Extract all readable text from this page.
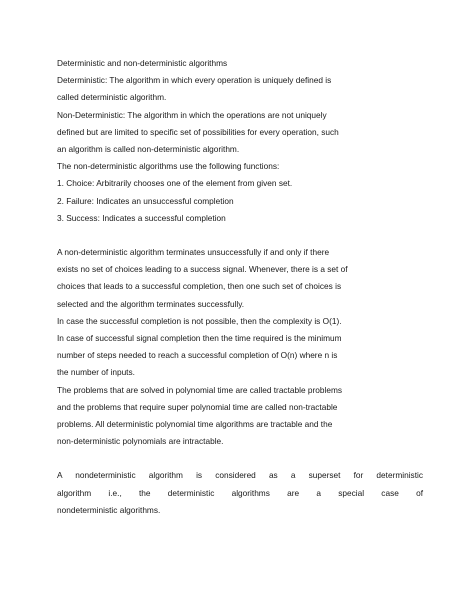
Deterministic and non-deterministic algorithms

Deterministic: The algorithm in which every operation is uniquely defined is

called deterministic algorithm.

Non-Deterministic: The algorithm in which the operations are not uniquely

defined but are limited to specific set of possibilities for every operation, such

an algorithm is called non-deterministic algorithm.

The non-deterministic algorithms use the following functions:

1. Choice: Arbitrarily chooses one of the element from given set.

2. Failure: Indicates an unsuccessful completion

3. Success: Indicates a successful completion

A non-deterministic algorithm terminates unsuccessfully if and only if there

exists no set of choices leading to a success signal. Whenever, there is a set of

choices that leads to a successful completion, then one such set of choices is

selected and the algorithm terminates successfully.

In case the successful completion is not possible, then the complexity is O(1).

In case of successful signal completion then the time required is the minimum

number of steps needed to reach a successful completion of O(n) where n is

the number of inputs.

The problems that are solved in polynomial time are called tractable problems

and the problems that require super polynomial time are called non-tractable

problems. All deterministic polynomial time algorithms are tractable and the

non-deterministic polynomials are intractable.

A nondeterministic algorithm is considered as a superset for deterministic

algorithm i.e., the deterministic algorithms are a special case of

nondeterministic algorithms.
